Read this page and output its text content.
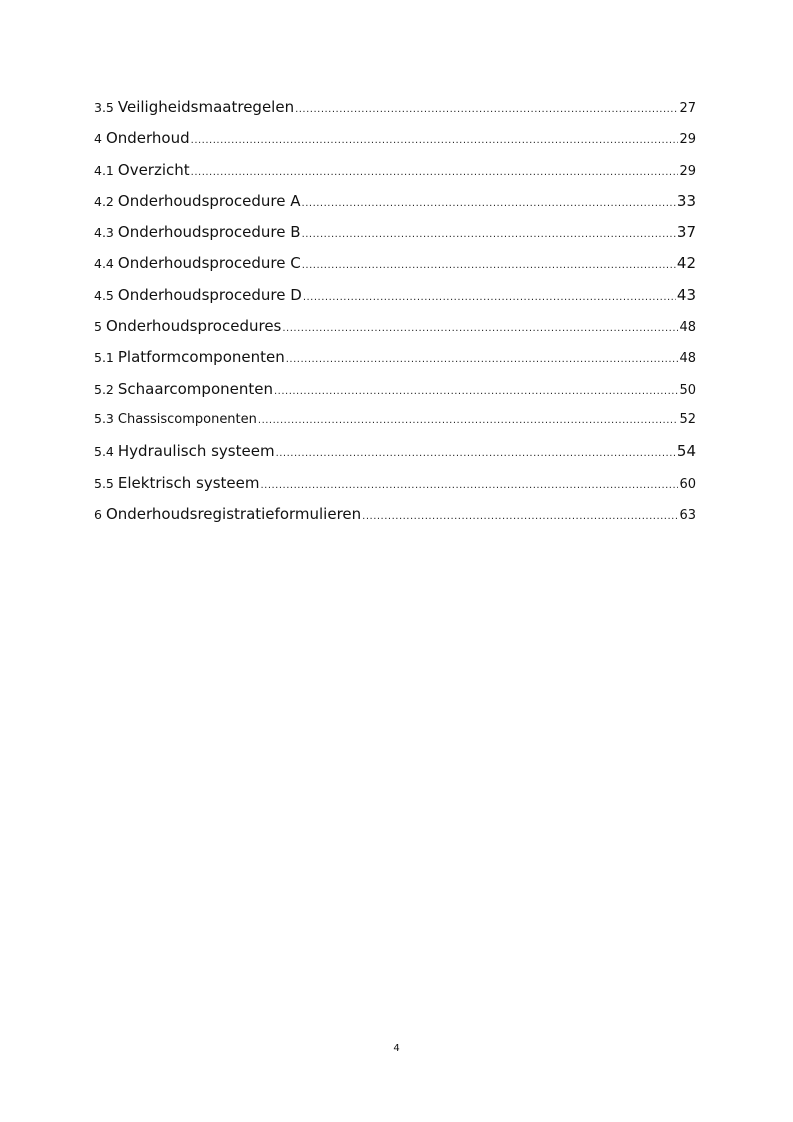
3.5 Veiligheidsmaatregelen .....	27
4 Onderhoud .....	29
4.1 Overzicht .....	29
4.2 Onderhoudsprocedure A .....	33
4.3 Onderhoudsprocedure B .....	37
4.4 Onderhoudsprocedure C .....	42
4.5 Onderhoudsprocedure D .....	43
5 Onderhoudsprocedures .....	48
5.1 Platformcomponenten .....	48
5.2 Schaarcomponenten .....	50
5.3 Chassiscomponenten .....	52
5.4 Hydraulisch systeem .....	54
5.5 Elektrisch systeem .....	60
6 Onderhoudsregistratieformulieren .....	63
4
